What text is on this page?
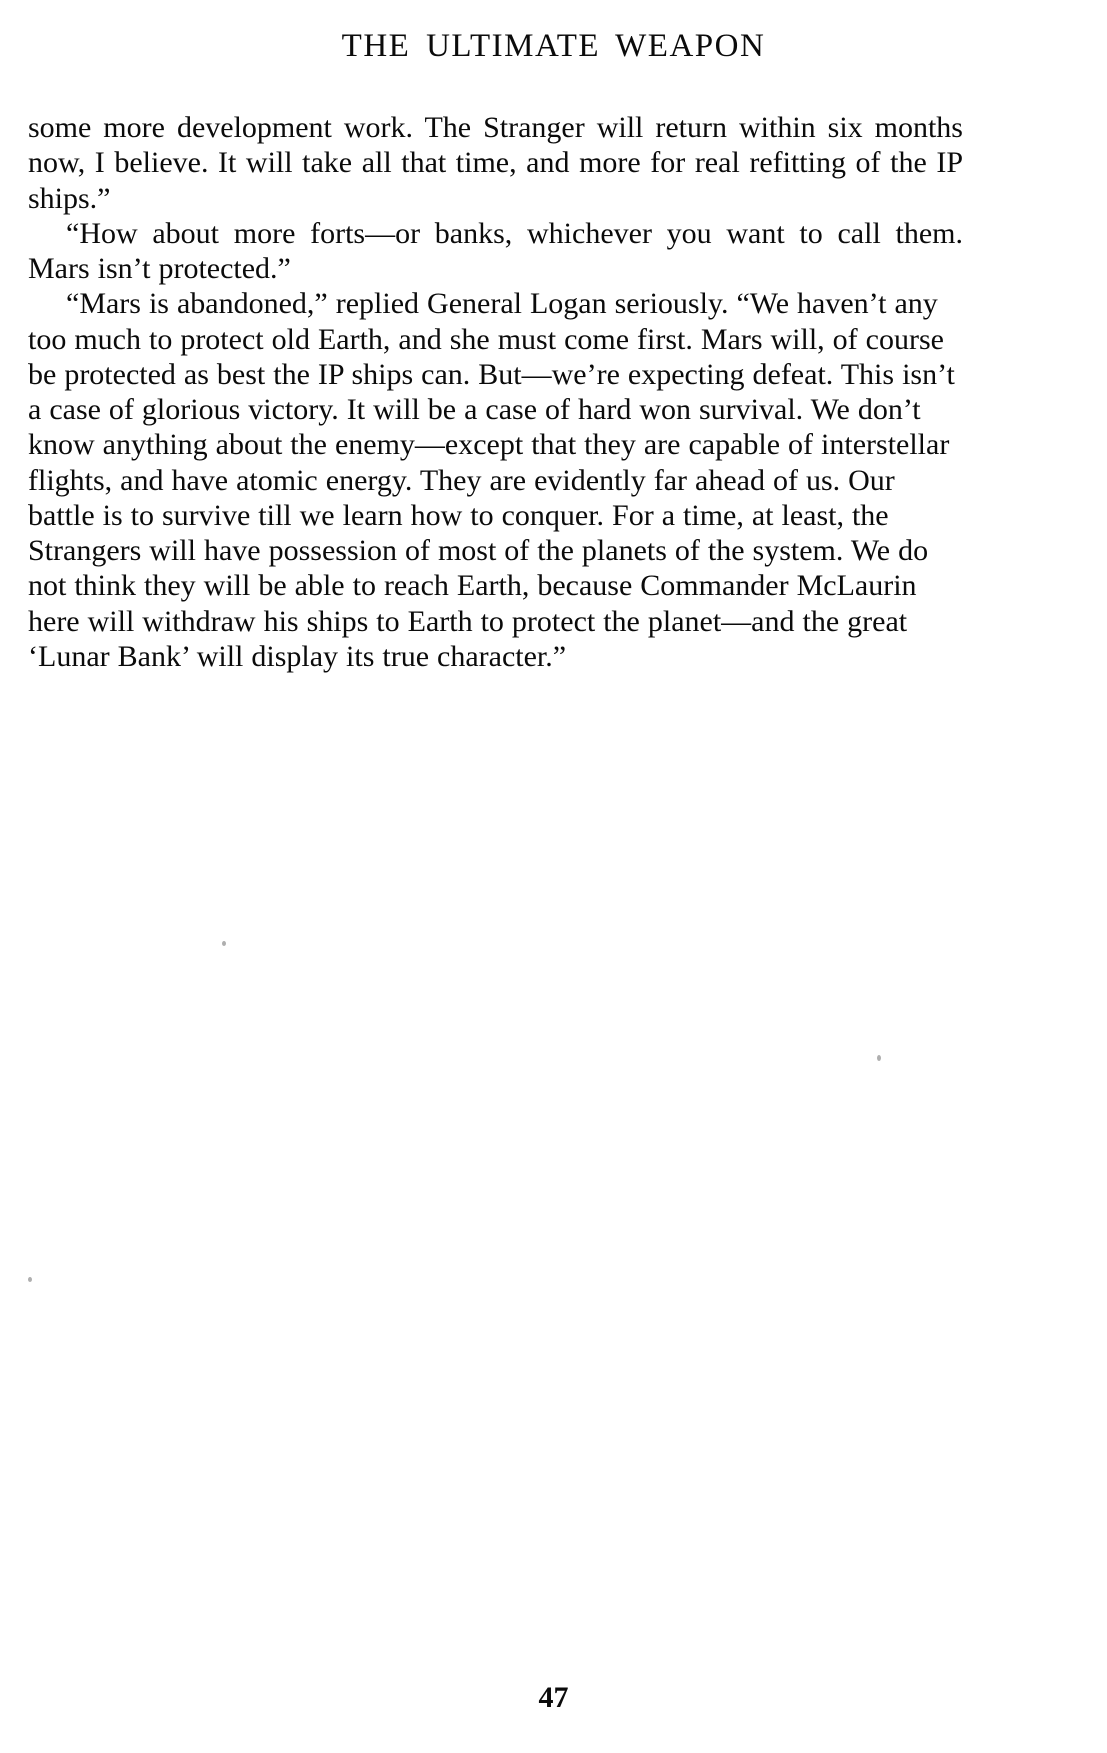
THE ULTIMATE WEAPON

some more development work. The Stranger will return within six months now, I believe. It will take all that time, and more for real refitting of the IP ships.”

“How about more forts—or banks, whichever you want to call them. Mars isn’t protected.”

“Mars is abandoned,” replied General Logan seriously. “We haven’t any too much to protect old Earth, and she must come first. Mars will, of course be protected as best the IP ships can. But—we’re expecting defeat. This isn’t a case of glorious victory. It will be a case of hard won survival. We don’t know anything about the enemy—except that they are capable of interstellar flights, and have atomic energy. They are evidently far ahead of us. Our battle is to survive till we learn how to conquer. For a time, at least, the Strangers will have possession of most of the planets of the system. We do not think they will be able to reach Earth, because Commander McLaurin here will withdraw his ships to Earth to protect the planet—and the great ‘Lunar Bank’ will display its true character.”

47
